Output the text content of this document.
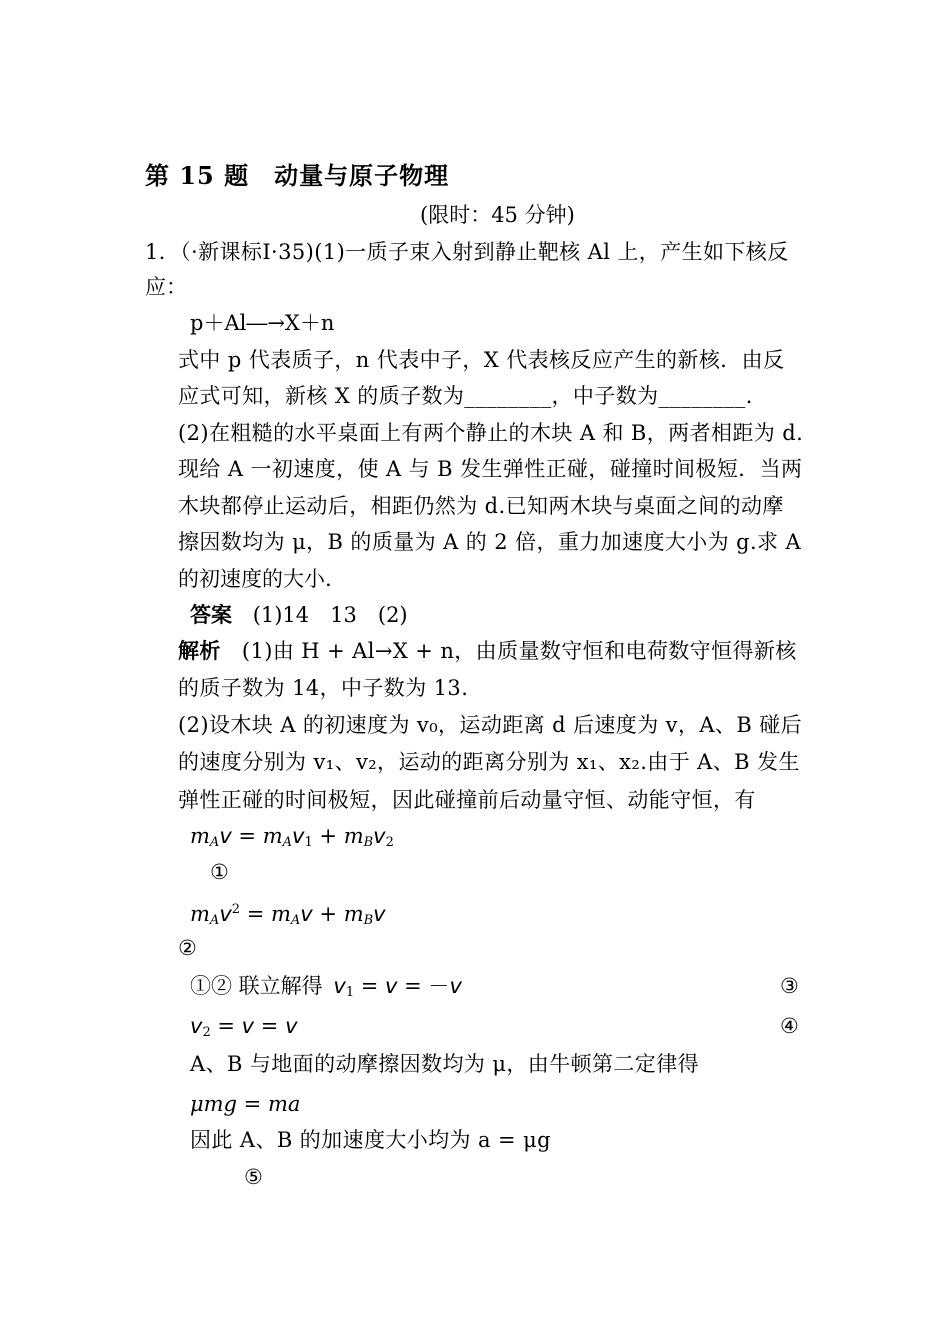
第 15 题　动量与原子物理
(限时：45 分钟)
1．（·新课标Ⅰ·35)(1)一质子束入射到静止靶核 Al 上，产生如下核反
应：
p＋Al―→X＋n
式中 p 代表质子，n 代表中子，X 代表核反应产生的新核．由反
应式可知，新核 X 的质子数为________，中子数为________.
(2)在粗糙的水平桌面上有两个静止的木块 A 和 B，两者相距为 d.
现给 A 一初速度，使 A 与 B 发生弹性正碰，碰撞时间极短．当两
木块都停止运动后，相距仍然为 d.已知两木块与桌面之间的动摩
擦因数均为 μ，B 的质量为 A 的 2 倍，重力加速度大小为 g.求 A
的初速度的大小.
答案 (1)14　13　(2)
解析 (1)由 H + Al→X + n，由质量数守恒和电荷数守恒得新核
的质子数为 14，中子数为 13.
(2)设木块 A 的初速度为 v₀，运动距离 d 后速度为 v，A、B 碰后
的速度分别为 v₁、v₂，运动的距离分别为 x₁、x₂.由于 A、B 发生
弹性正碰的时间极短，因此碰撞前后动量守恒、动能守恒，有
$m_Av = m_Av_1 + m_Bv_2$
①
$m_Av^2 = m_Av + m_Bv$
②
①② 联立解得 $v_1 = v = -v$	③
$v_2 = v = v$	④
A、B 与地面的动摩擦因数均为 μ，由牛顿第二定律得
μmg = ma
因此 A、B 的加速度大小均为 a = μg
⑤
